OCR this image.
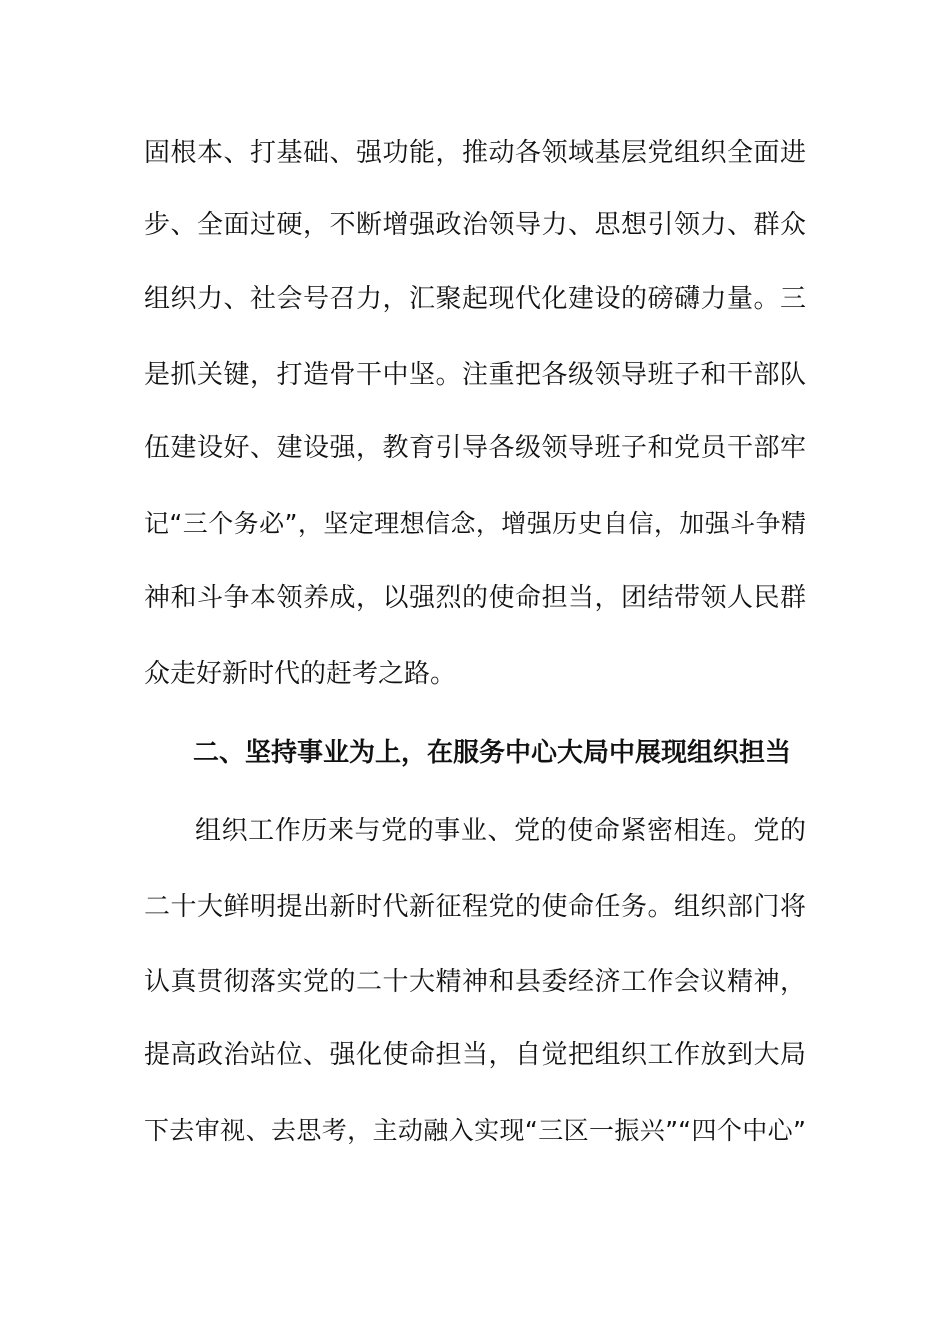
固根本、打基础、强功能，推动各领域基层党组织全面进
步、全面过硬，不断增强政治领导力、思想引领力、群众
组织力、社会号召力，汇聚起现代化建设的磅礴力量。三
是抓关键，打造骨干中坚。注重把各级领导班子和干部队
伍建设好、建设强，教育引导各级领导班子和党员干部牢
记“三个务必”，坚定理想信念，增强历史自信，加强斗争精
神和斗争本领养成，以强烈的使命担当，团结带领人民群
众走好新时代的赶考之路。
二、坚持事业为上，在服务中心大局中展现组织担当
组织工作历来与党的事业、党的使命紧密相连。党的
二十大鲜明提出新时代新征程党的使命任务。组织部门将
认真贯彻落实党的二十大精神和县委经济工作会议精神，
提高政治站位、强化使命担当，自觉把组织工作放到大局
下去审视、去思考，主动融入实现“三区一振兴”“四个中心”
